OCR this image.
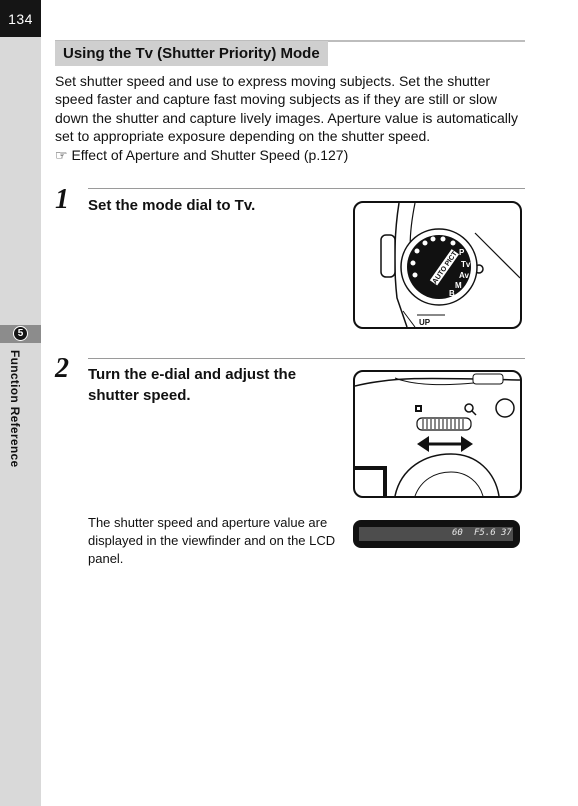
134
5
Function Reference
Using the Tv (Shutter Priority) Mode
Set shutter speed and use to express moving subjects. Set the shutter speed faster and capture fast moving subjects as if they are still or slow down the shutter and capture lively images. Aperture value is automatically set to appropriate exposure depending on the shutter speed.
☞ Effect of Aperture and Shutter Speed (p.127)
1 Set the mode dial to Tv.
AUTO PICT P
Tv
Av
M
B
UP
2 Turn the e-dial and adjust the shutter speed.
The shutter speed and aperture value are displayed in the viewfinder and on the LCD panel.
60 F5.6 37
